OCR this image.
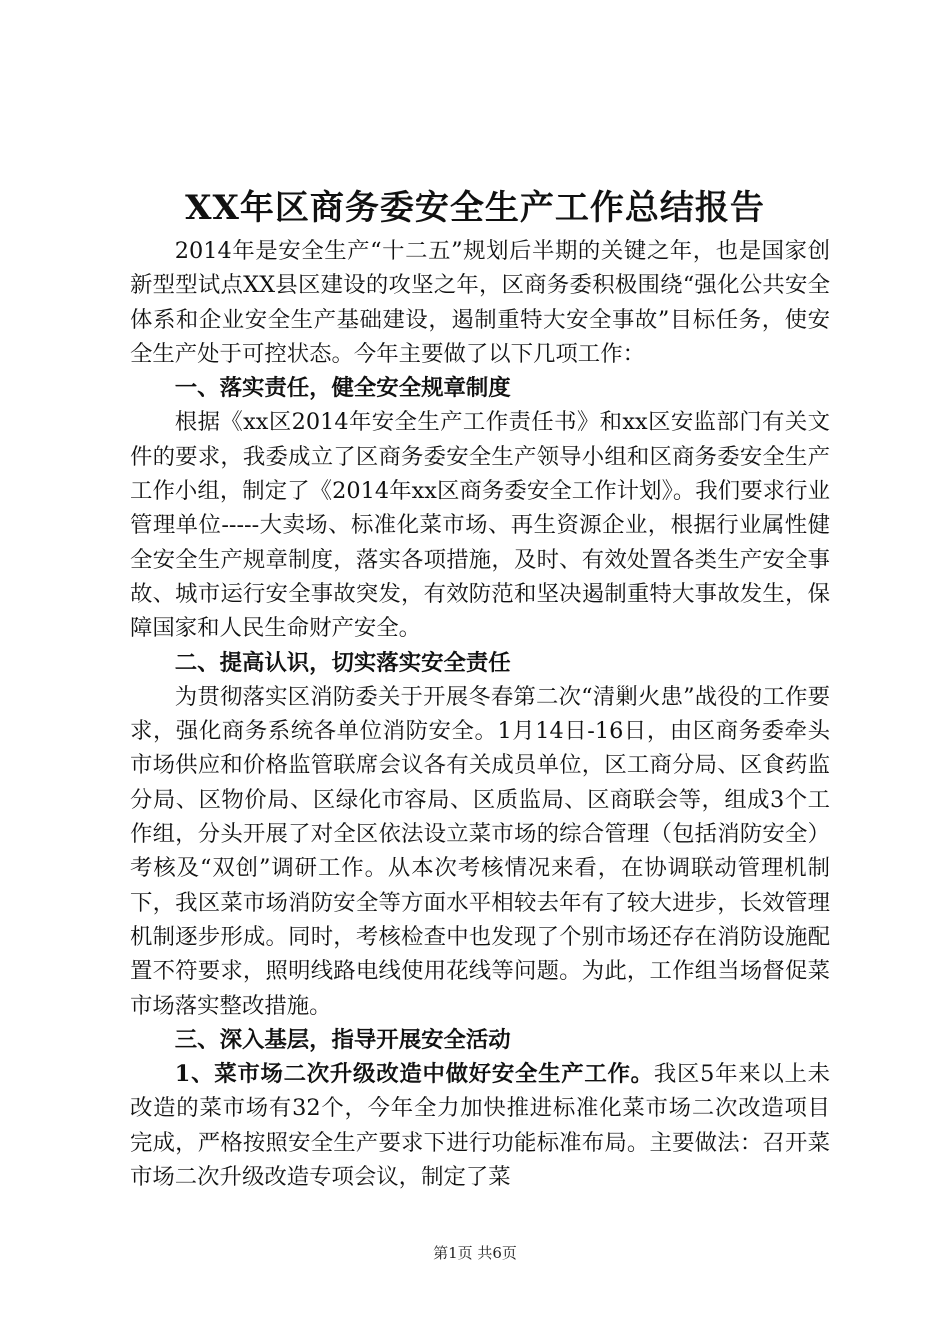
XX年区商务委安全生产工作总结报告

2014年是安全生产“十二五”规划后半期的关键之年，也是国家创新型型试点XX县区建设的攻坚之年，区商务委积极围绕“强化公共安全体系和企业安全生产基础建设，遏制重特大安全事故”目标任务，使安全生产处于可控状态。今年主要做了以下几项工作：

一、落实责任，健全安全规章制度

根据《xx区2014年安全生产工作责任书》和xx区安监部门有关文件的要求，我委成立了区商务委安全生产领导小组和区商务委安全生产工作小组，制定了《2014年xx区商务委安全工作计划》。我们要求行业管理单位-----大卖场、标准化菜市场、再生资源企业，根据行业属性健全安全生产规章制度，落实各项措施，及时、有效处置各类生产安全事故、城市运行安全事故突发，有效防范和坚决遏制重特大事故发生，保障国家和人民生命财产安全。

二、提高认识，切实落实安全责任

为贯彻落实区消防委关于开展冬春第二次“清剿火患”战役的工作要求，强化商务系统各单位消防安全。1月14日-16日，由区商务委牵头市场供应和价格监管联席会议各有关成员单位，区工商分局、区食药监分局、区物价局、区绿化市容局、区质监局、区商联会等，组成3个工作组，分头开展了对全区依法设立菜市场的综合管理（包括消防安全）考核及“双创”调研工作。从本次考核情况来看，在协调联动管理机制下，我区菜市场消防安全等方面水平相较去年有了较大进步，长效管理机制逐步形成。同时，考核检查中也发现了个别市场还存在消防设施配置不符要求，照明线路电线使用花线等问题。为此，工作组当场督促菜市场落实整改措施。

三、深入基层，指导开展安全活动

1、菜市场二次升级改造中做好安全生产工作。我区5年来以上未改造的菜市场有32个，今年全力加快推进标准化菜市场二次改造项目完成，严格按照安全生产要求下进行功能标准布局。主要做法：召开菜市场二次升级改造专项会议，制定了菜

第1页 共6页
